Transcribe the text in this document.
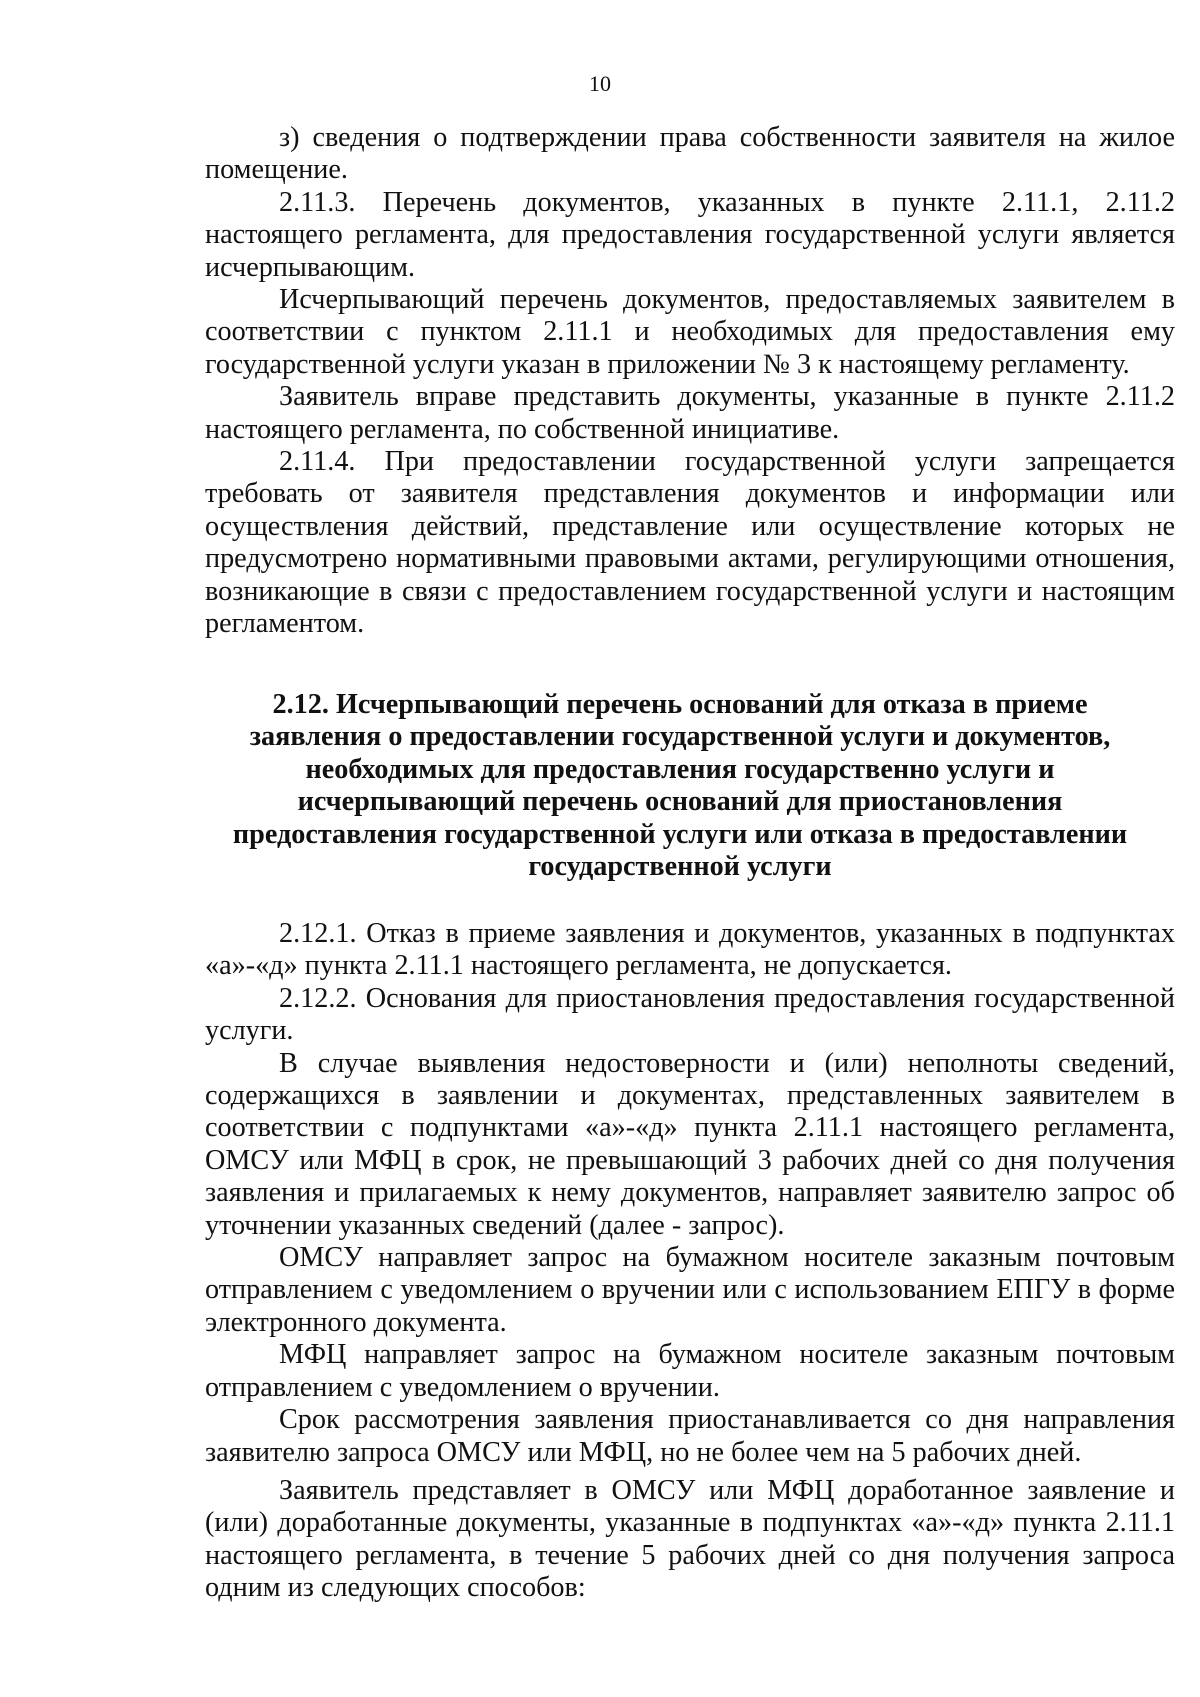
10

з) сведения о подтверждении права собственности заявителя на жилое помещение.

2.11.3. Перечень документов, указанных в пункте 2.11.1, 2.11.2 настоящего регламента, для предоставления государственной услуги является исчерпывающим.

Исчерпывающий перечень документов, предоставляемых заявителем в соответствии с пунктом 2.11.1 и необходимых для предоставления ему государственной услуги указан в приложении № 3 к настоящему регламенту.

Заявитель вправе представить документы, указанные в пункте 2.11.2 настоящего регламента, по собственной инициативе.

2.11.4. При предоставлении государственной услуги запрещается требовать от заявителя представления документов и информации или осуществления действий, представление или осуществление которых не предусмотрено нормативными правовыми актами, регулирующими отношения, возникающие в связи с предоставлением государственной услуги и настоящим регламентом.

2.12. Исчерпывающий перечень оснований для отказа в приеме заявления о предоставлении государственной услуги и документов, необходимых для предоставления государственно услуги и исчерпывающий перечень оснований для приостановления предоставления государственной услуги или отказа в предоставлении государственной услуги

2.12.1. Отказ в приеме заявления и документов, указанных в подпунктах «а»-«д» пункта 2.11.1 настоящего регламента, не допускается.

2.12.2. Основания для приостановления предоставления государственной услуги.

В случае выявления недостоверности и (или) неполноты сведений, содержащихся в заявлении и документах, представленных заявителем в соответствии с подпунктами «а»-«д» пункта 2.11.1 настоящего регламента, ОМСУ или МФЦ в срок, не превышающий 3 рабочих дней со дня получения заявления и прилагаемых к нему документов, направляет заявителю запрос об уточнении указанных сведений (далее - запрос).

ОМСУ направляет запрос на бумажном носителе заказным почтовым отправлением с уведомлением о вручении или с использованием ЕПГУ в форме электронного документа.

МФЦ направляет запрос на бумажном носителе заказным почтовым отправлением с уведомлением о вручении.

Срок рассмотрения заявления приостанавливается со дня направления заявителю запроса ОМСУ или МФЦ, но не более чем на 5 рабочих дней.

Заявитель представляет в ОМСУ или МФЦ доработанное заявление и (или) доработанные документы, указанные в подпунктах «а»-«д» пункта 2.11.1 настоящего регламента, в течение 5 рабочих дней со дня получения запроса одним из следующих способов:
